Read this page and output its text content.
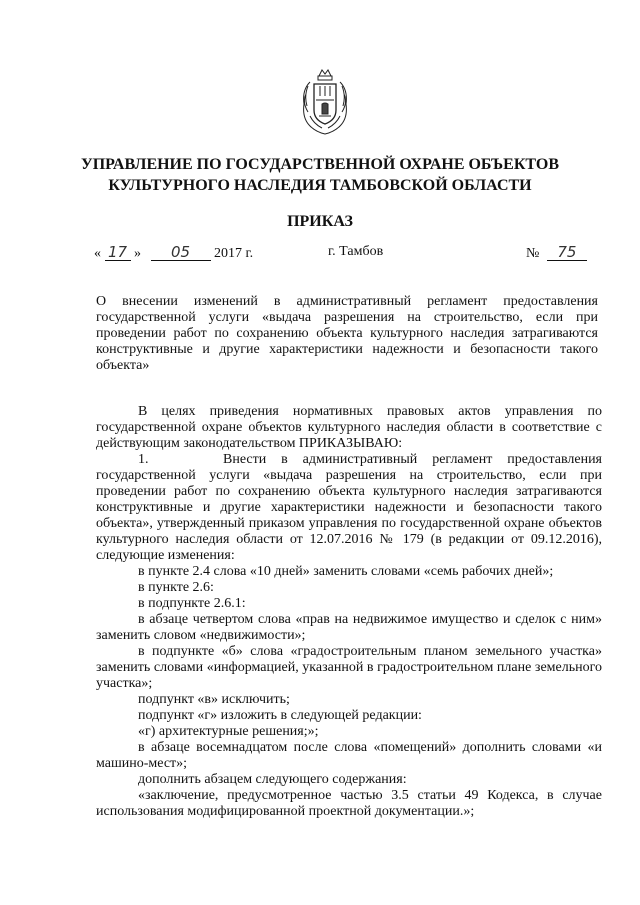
УПРАВЛЕНИЕ ПО ГОСУДАРСТВЕННОЙ ОХРАНЕ ОБЪЕКТОВ
КУЛЬТУРНОГО НАСЛЕДИЯ ТАМБОВСКОЙ ОБЛАСТИ
ПРИКАЗ
« 17 » 05 2017 г.	г. Тамбов	№ 75
О внесении изменений в административный регламент предоставления государственной услуги «выдача разрешения на строительство, если при проведении работ по сохранению объекта культурного наследия затрагиваются конструктивные и другие характеристики надежности и безопасности такого объекта»

В целях приведения нормативных правовых актов управления по государственной охране объектов культурного наследия области в соответствие с действующим законодательством ПРИКАЗЫВАЮ:

1.     Внести в административный регламент предоставления государственной услуги «выдача разрешения на строительство, если при проведении работ по сохранению объекта культурного наследия затрагиваются конструктивные и другие характеристики надежности и безопасности такого объекта», утвержденный приказом управления по государственной охране объектов культурного наследия области от 12.07.2016 № 179 (в редакции от 09.12.2016), следующие изменения:

в пункте 2.4 слова «10 дней» заменить словами «семь рабочих дней»;

в пункте 2.6:

в подпункте 2.6.1:

в абзаце четвертом слова «прав на недвижимое имущество и сделок с ним» заменить словом «недвижимости»;

в подпункте «б» слова «градостроительным планом земельного участка» заменить словами «информацией, указанной в градостроительном плане земельного участка»;

подпункт «в» исключить;

подпункт «г» изложить в следующей редакции:

«г) архитектурные решения;»;

в абзаце восемнадцатом после слова «помещений» дополнить словами «и машино-мест»;

дополнить абзацем следующего содержания:

«заключение, предусмотренное частью 3.5 статьи 49 Кодекса, в случае использования модифицированной проектной документации.»;
